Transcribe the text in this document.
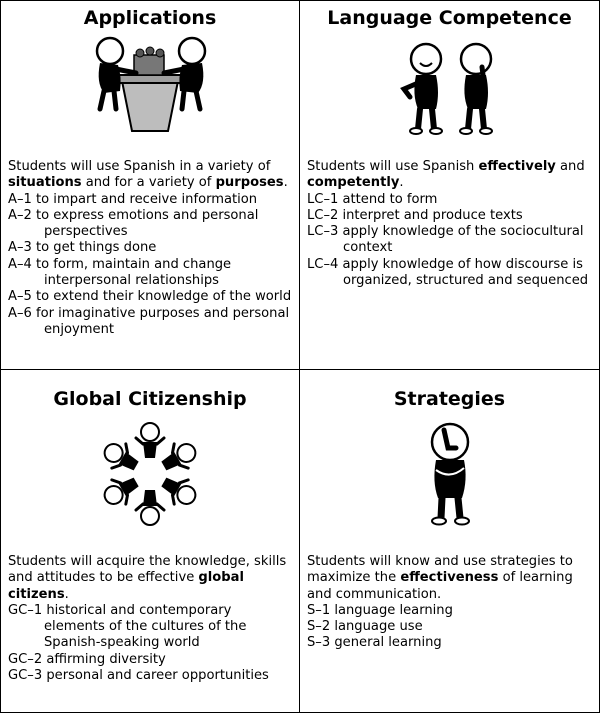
Applications

Students will use Spanish in a variety of situations and for a variety of purposes.

A–1 to impart and receive information
A–2 to express emotions and personal perspectives
A–3 to get things done
A–4 to form, maintain and change interpersonal relationships
A–5 to extend their knowledge of the world
A–6 for imaginative purposes and personal enjoyment
Language Competence

Students will use Spanish effectively and competently.

LC–1 attend to form
LC–2 interpret and produce texts
LC–3 apply knowledge of the sociocultural context
LC–4 apply knowledge of how discourse is organized, structured and sequenced
Global Citizenship

Students will acquire the knowledge, skills and attitudes to be effective global citizens.

GC–1 historical and contemporary elements of the cultures of the Spanish-speaking world
GC–2 affirming diversity
GC–3 personal and career opportunities
Strategies

Students will know and use strategies to maximize the effectiveness of learning and communication.

S–1 language learning
S–2 language use
S–3 general learning
